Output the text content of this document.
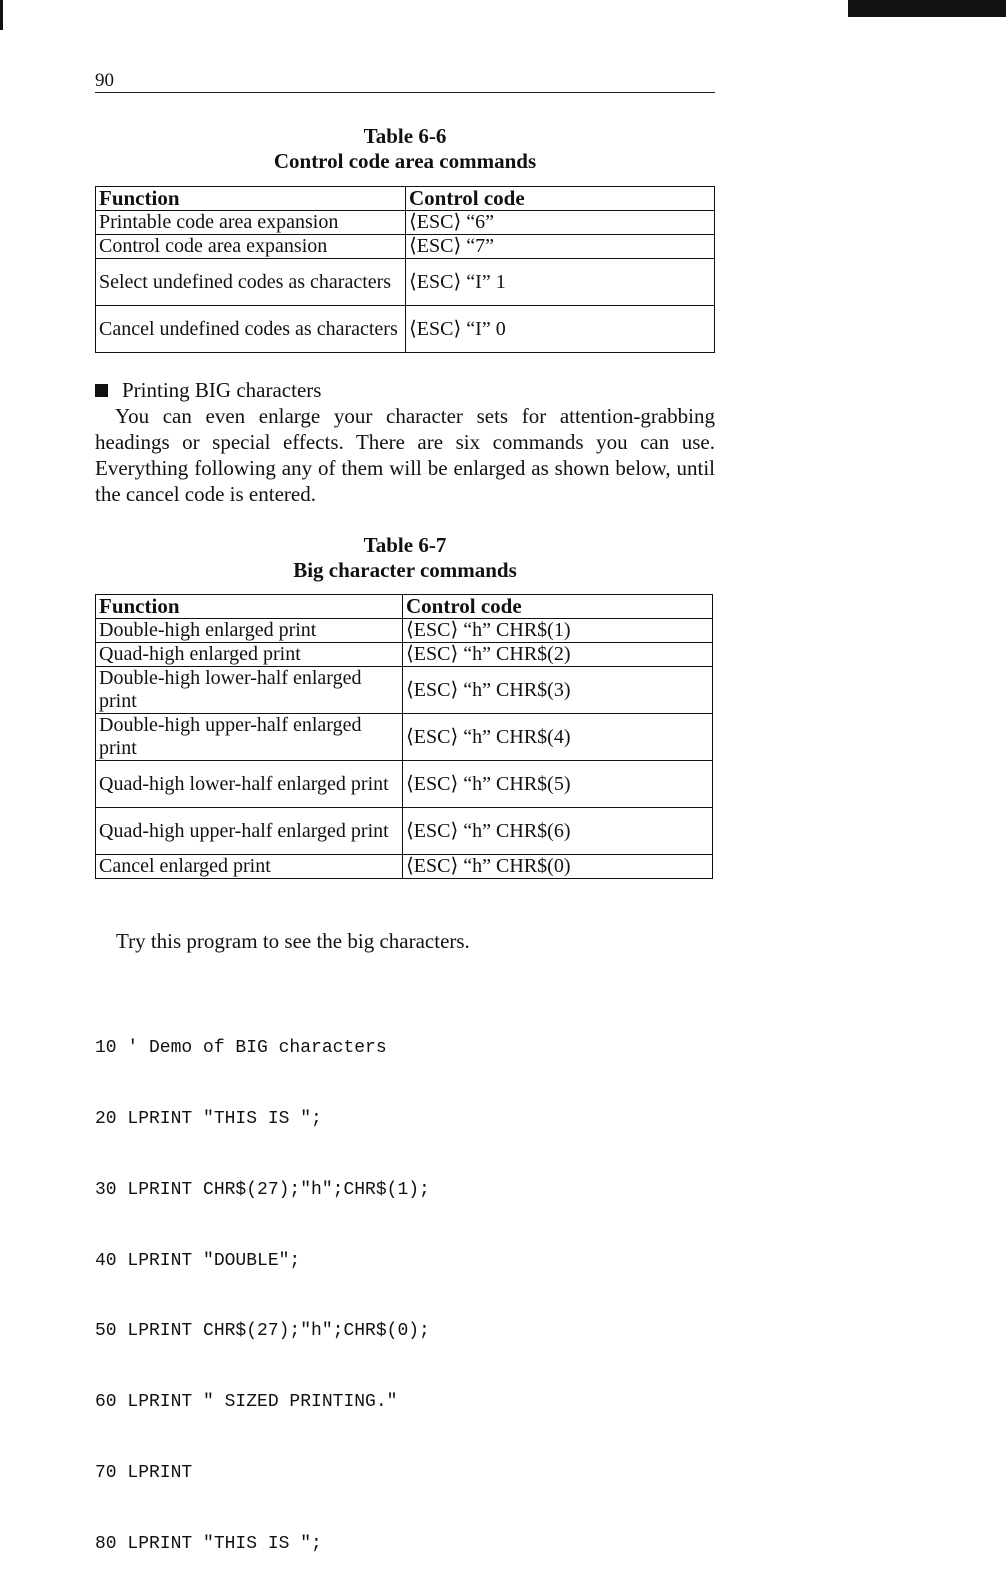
90
Table 6-6
Control code area commands
Function	Control code
Printable code area expansion	⟨ESC⟩ “6”
Control code area expansion	⟨ESC⟩ “7”
Select undefined codes as characters	⟨ESC⟩ “I” 1
Cancel undefined codes as characters	⟨ESC⟩ “I” 0
Printing BIG characters

You can even enlarge your character sets for attention-grabbing headings or special effects. There are six commands you can use. Everything following any of them will be enlarged as shown below, until the cancel code is entered.

Table 6-7
Big character commands
Function	Control code
Double-high enlarged print	⟨ESC⟩ “h” CHR$(1)
Quad-high enlarged print	⟨ESC⟩ “h” CHR$(2)
Double-high lower-half enlarged print	⟨ESC⟩ “h” CHR$(3)
Double-high upper-half enlarged print	⟨ESC⟩ “h” CHR$(4)
Quad-high lower-half enlarged print	⟨ESC⟩ “h” CHR$(5)
Quad-high upper-half enlarged print	⟨ESC⟩ “h” CHR$(6)
Cancel enlarged print	⟨ESC⟩ “h” CHR$(0)
Try this program to see the big characters.

10 ' Demo of BIG characters

20 LPRINT "THIS IS ";

30 LPRINT CHR$(27);"h";CHR$(1);

40 LPRINT "DOUBLE";

50 LPRINT CHR$(27);"h";CHR$(0);

60 LPRINT " SIZED PRINTING."

70 LPRINT

80 LPRINT "THIS IS ";
